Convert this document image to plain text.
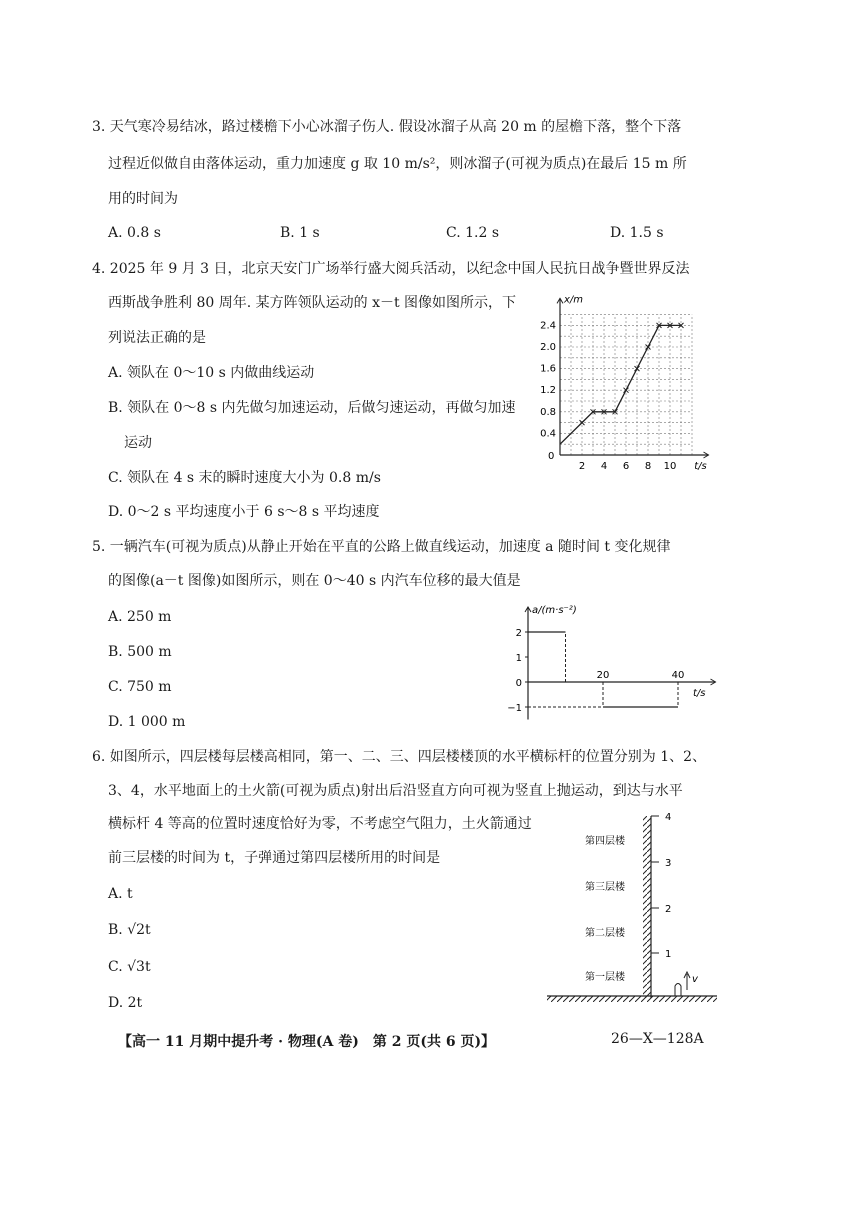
3. 天气寒冷易结冰，路过楼檐下小心冰溜子伤人. 假设冰溜子从高 20 m 的屋檐下落，整个下落
过程近似做自由落体运动，重力加速度 g 取 10 m/s²，则冰溜子(可视为质点)在最后 15 m 所
用的时间为
A. 0.8 s	B. 1 s	C. 1.2 s	D. 1.5 s
4. 2025 年 9 月 3 日，北京天安门广场举行盛大阅兵活动，以纪念中国人民抗日战争暨世界反法
西斯战争胜利 80 周年. 某方阵领队运动的 x－t 图像如图所示，下
列说法正确的是
A. 领队在 0～10 s 内做曲线运动
B. 领队在 0～8 s 内先做匀加速运动，后做匀速运动，再做匀加速
运动
C. 领队在 4 s 末的瞬时速度大小为 0.8 m/s
D. 0～2 s 平均速度小于 6 s～8 s 平均速度
x/m
t/s
0
2 4 6 8 10
0.4
0.8
1.2
1.6
2.0
2.4
5. 一辆汽车(可视为质点)从静止开始在平直的公路上做直线运动，加速度 a 随时间 t 变化规律
的图像(a－t 图像)如图所示，则在 0～40 s 内汽车位移的最大值是
A. 250 m
B. 500 m
C. 750 m
D. 1 000 m
a/(m·s⁻²)
t/s
2
1
0
−1
20	40
6. 如图所示，四层楼每层楼高相同，第一、二、三、四层楼楼顶的水平横标杆的位置分别为 1、2、
3、4，水平地面上的土火箭(可视为质点)射出后沿竖直方向可视为竖直上抛运动，到达与水平
横标杆 4 等高的位置时速度恰好为零，不考虑空气阻力，土火箭通过
前三层楼的时间为 t，子弹通过第四层楼所用的时间是
A. t
B. √2t
C. √3t
D. 2t
4
3
2
1
第四层楼
第三层楼
第二层楼
第一层楼	v
【高一 11 月期中提升考 · 物理(A 卷)　第 2 页(共 6 页)】	26—X—128A
